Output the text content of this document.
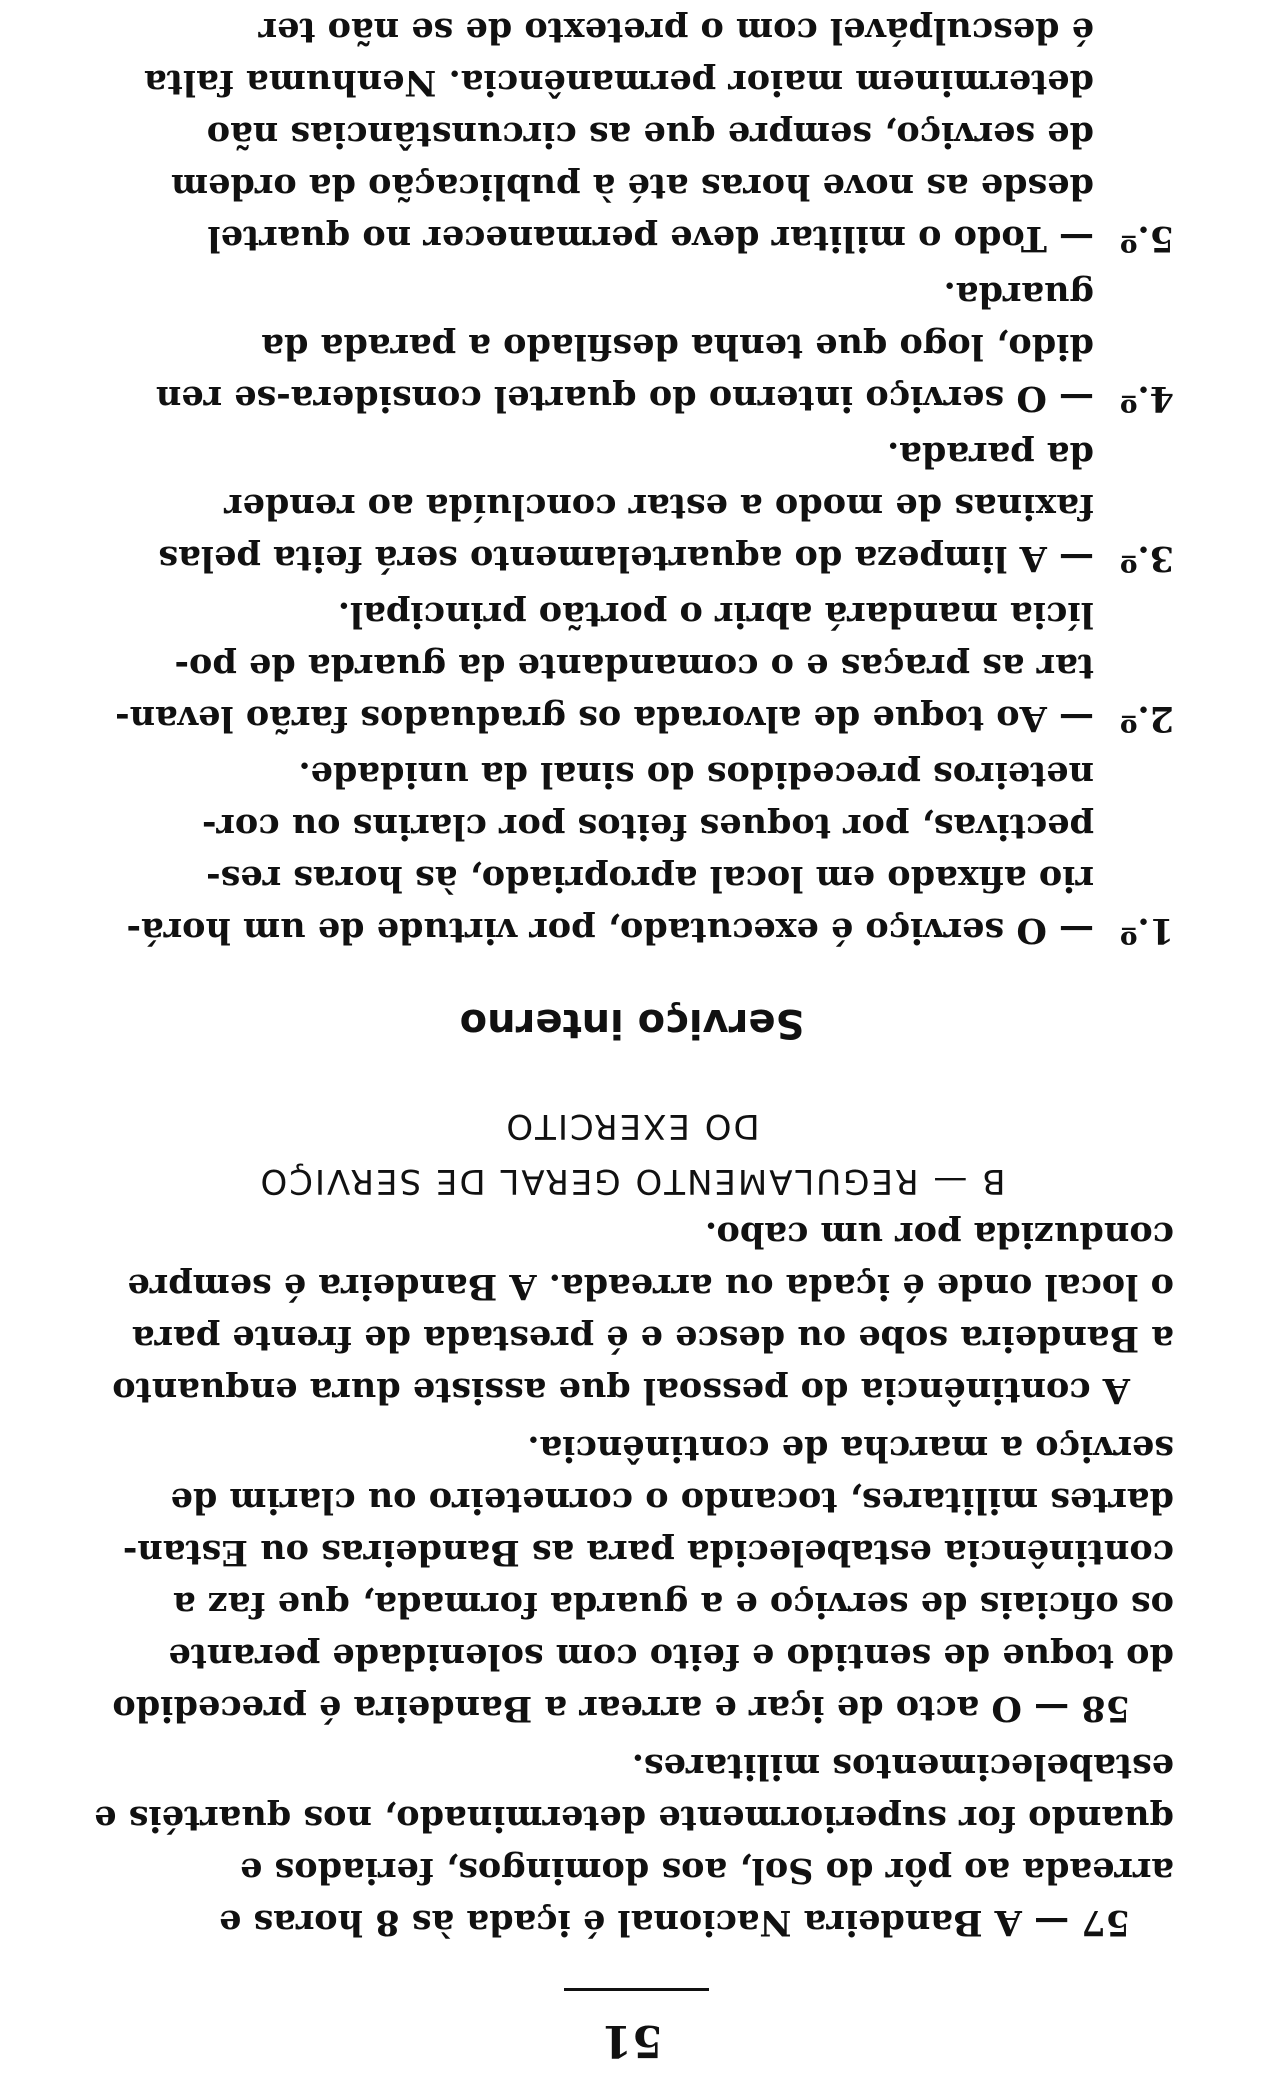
51
57 — A Bandeira Nacional é içada às 8 horas e
arreada ao pôr do Sol, aos domingos, feriados e
quando for superiormente determinado, nos quartéis e
estabelecimentos militares.
58 — O acto de içar e arrear a Bandeira é precedido
do toque de sentido e feito com solenidade perante
os oficiais de serviço e a guarda formada, que faz a
continência estabelecida para as Bandeiras ou Estan-
dartes militares, tocando o corneteiro ou clarim de
serviço a marcha de continência.
A continência do pessoal que assiste dura enquanto
a Bandeira sobe ou desce e é prestada de frente para
o local onde é içada ou arreada. A Bandeira é sempre
conduzida por um cabo.
B — REGULAMENTO GERAL DE SERVIÇO
DO EXERCITO
Serviço interno
1.º— O serviço é executado, por virtude de um horá-
rio afixado em local apropriado, às horas res-
pectivas, por toques feitos por clarins ou cor-
neteiros precedidos do sinal da unidade.
2.º— Ao toque de alvorada os graduados farão levan-
tar as praças e o comandante da guarda de po-
lícia mandará abrir o portão principal.
3.º— A limpeza do aquartelamento será feita pelas
faxinas de modo a estar concluída ao render
da parada.
4.º— O serviço interno do quartel considera-se ren
dido, logo que tenha desfilado a parada da
guarda.
5.º— Todo o militar deve permanecer no quartel
desde as nove horas até à publicação da ordem
de serviço, sempre que as circunstâncias não
determinem maior permanência. Nenhuma falta
é desculpável com o pretexto de se não ter
